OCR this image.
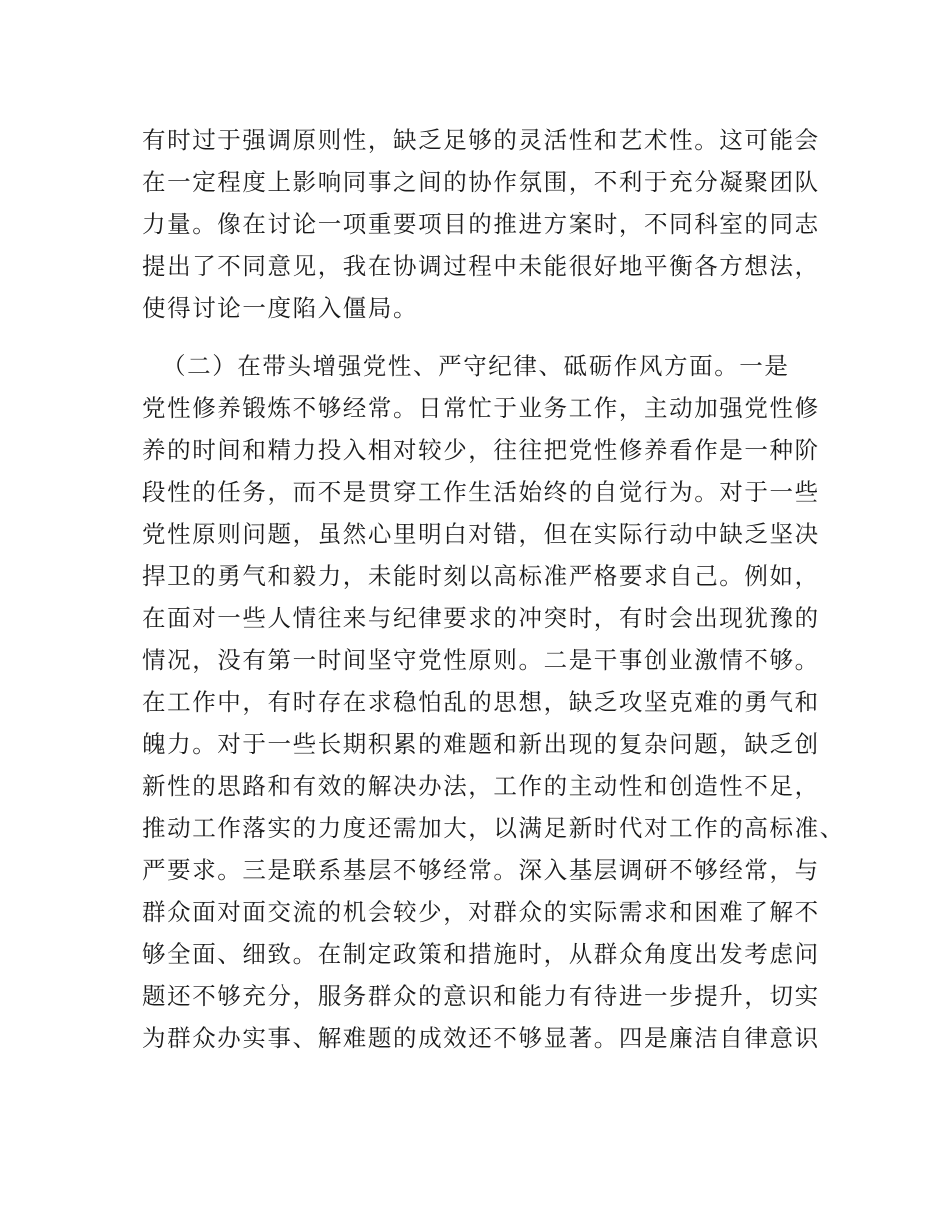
有时过于强调原则性，缺乏足够的灵活性和艺术性。这可能会
在一定程度上影响同事之间的协作氛围，不利于充分凝聚团队
力量。像在讨论一项重要项目的推进方案时，不同科室的同志
提出了不同意见，我在协调过程中未能很好地平衡各方想法，
使得讨论一度陷入僵局。
（二）在带头增强党性、严守纪律、砥砺作风方面。一是
党性修养锻炼不够经常。日常忙于业务工作，主动加强党性修
养的时间和精力投入相对较少，往往把党性修养看作是一种阶
段性的任务，而不是贯穿工作生活始终的自觉行为。对于一些
党性原则问题，虽然心里明白对错，但在实际行动中缺乏坚决
捍卫的勇气和毅力，未能时刻以高标准严格要求自己。例如，
在面对一些人情往来与纪律要求的冲突时，有时会出现犹豫的
情况，没有第一时间坚守党性原则。二是干事创业激情不够。
在工作中，有时存在求稳怕乱的思想，缺乏攻坚克难的勇气和
魄力。对于一些长期积累的难题和新出现的复杂问题，缺乏创
新性的思路和有效的解决办法，工作的主动性和创造性不足，
推动工作落实的力度还需加大，以满足新时代对工作的高标准、
严要求。三是联系基层不够经常。深入基层调研不够经常，与
群众面对面交流的机会较少，对群众的实际需求和困难了解不
够全面、细致。在制定政策和措施时，从群众角度出发考虑问
题还不够充分，服务群众的意识和能力有待进一步提升，切实
为群众办实事、解难题的成效还不够显著。四是廉洁自律意识
